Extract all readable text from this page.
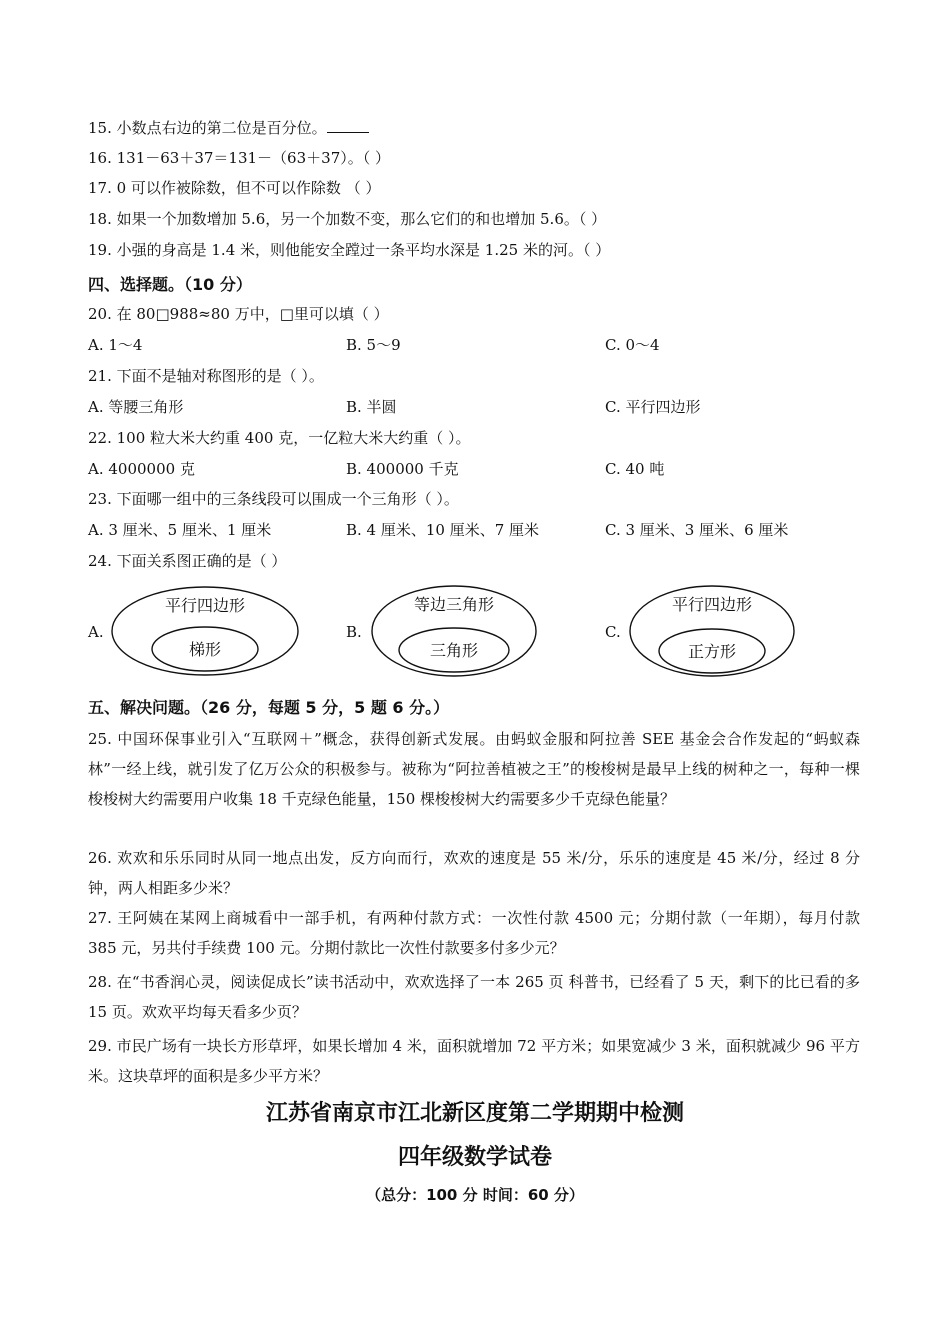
15. 小数点右边的第二位是百分位。
16. 131－63＋37＝131－（63＋37）。（ ）
17. 0 可以作被除数，但不可以作除数 （ ）
18. 如果一个加数增加 5.6，另一个加数不变，那么它们的和也增加 5.6。（ ）
19. 小强的身高是 1.4 米，则他能安全蹚过一条平均水深是 1.25 米的河。（ ）
四、选择题。（10 分）
20. 在 80□988≈80 万中，□里可以填（ ）
A. 1～4	B. 5～9	C. 0～4
21. 下面不是轴对称图形的是（ ）。
A. 等腰三角形	B. 半圆	C. 平行四边形
22. 100 粒大米大约重 400 克，一亿粒大米大约重（ ）。
A. 4000000 克	B. 400000 千克	C. 40 吨
23. 下面哪一组中的三条线段可以围成一个三角形（ ）。
A. 3 厘米、5 厘米、1 厘米	B. 4 厘米、10 厘米、7 厘米	C. 3 厘米、3 厘米、6 厘米
24. 下面关系图正确的是（ ）
A.
平行四边形
梯形
B.
等边三角形
三角形
C.
平行四边形
正方形
五、解决问题。（26 分，每题 5 分，5 题 6 分。）
25. 中国环保事业引入“互联网＋”概念，获得创新式发展。由蚂蚁金服和阿拉善 SEE 基金会合作发起的“蚂蚁森林”一经上线，就引发了亿万公众的积极参与。被称为“阿拉善植被之王”的梭梭树是最早上线的树种之一，每种一棵梭梭树大约需要用户收集 18 千克绿色能量，150 棵梭梭树大约需要多少千克绿色能量？
26. 欢欢和乐乐同时从同一地点出发，反方向而行，欢欢的速度是 55 米/分，乐乐的速度是 45 米/分，经过 8 分钟，两人相距多少米？
27. 王阿姨在某网上商城看中一部手机，有两种付款方式：一次性付款 4500 元；分期付款（一年期），每月付款 385 元，另共付手续费 100 元。分期付款比一次性付款要多付多少元？
28. 在“书香润心灵，阅读促成长”读书活动中，欢欢选择了一本 265 页 科普书，已经看了 5 天，剩下的比已看的多 15 页。欢欢平均每天看多少页？
29. 市民广场有一块长方形草坪，如果长增加 4 米，面积就增加 72 平方米；如果宽减少 3 米，面积就减少 96 平方米。这块草坪的面积是多少平方米？
江苏省南京市江北新区度第二学期期中检测
四年级数学试卷
（总分：100 分 时间：60 分）
